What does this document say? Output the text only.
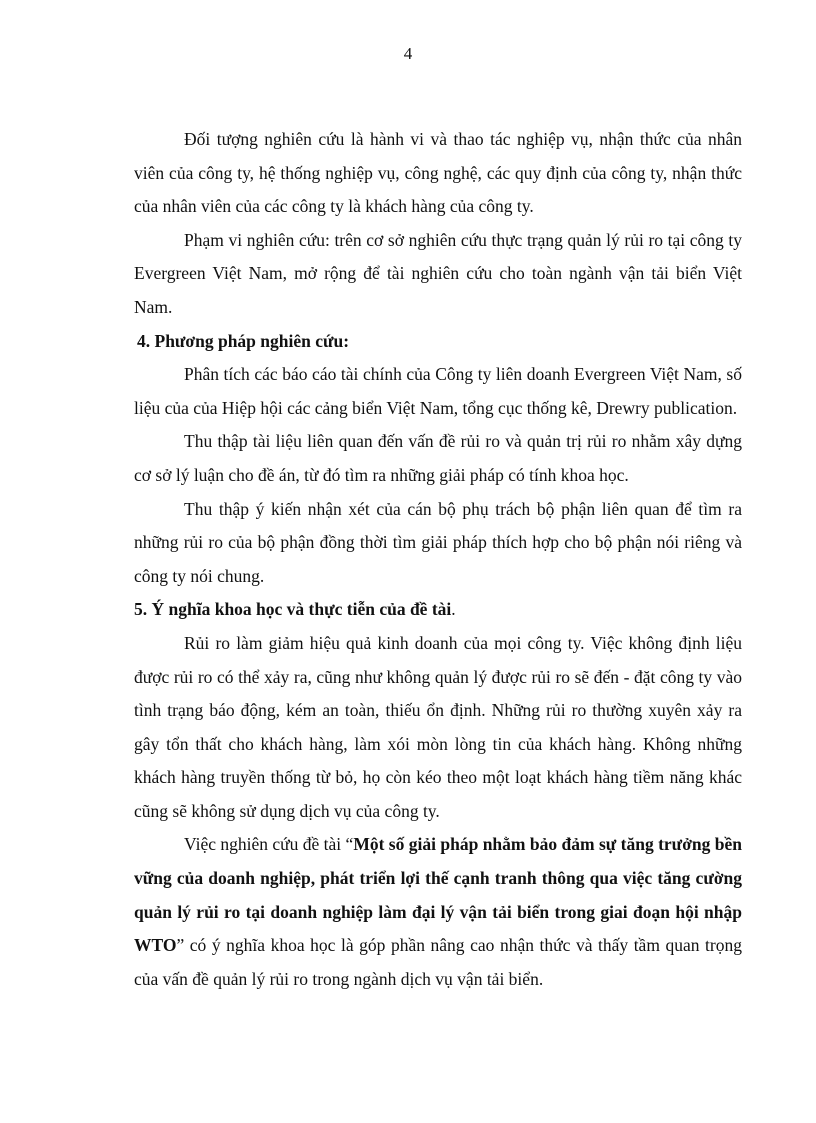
4

Đối tượng nghiên cứu là hành vi và thao tác nghiệp vụ, nhận thức của nhân viên của công ty, hệ thống nghiệp vụ, công nghệ, các quy định của công ty, nhận thức của nhân viên của các công ty là khách hàng của công ty.

Phạm vi nghiên cứu: trên cơ sở nghiên cứu thực trạng quản lý rủi ro tại công ty Evergreen Việt Nam, mở rộng để tài nghiên cứu cho toàn ngành vận tải biển Việt Nam.

4. Phương pháp nghiên cứu:

Phân tích các báo cáo tài chính của Công ty liên doanh Evergreen Việt Nam, số liệu của của Hiệp hội các cảng biển Việt Nam, tổng cục thống kê, Drewry publication.

Thu thập tài liệu liên quan đến vấn đề rủi ro và quản trị rủi ro nhằm xây dựng cơ sở lý luận cho đề án, từ đó tìm ra những giải pháp có tính khoa học.

Thu thập ý kiến nhận xét của cán bộ phụ trách bộ phận liên quan để tìm ra những rủi ro của bộ phận đồng thời tìm giải pháp thích hợp cho bộ phận nói riêng và công ty nói chung.

5. Ý nghĩa khoa học và thực tiễn của đề tài.

Rủi ro làm giảm hiệu quả kinh doanh của mọi công ty. Việc không định liệu được rủi ro có thể xảy ra, cũng như không quản lý được rủi ro sẽ đến - đặt công ty vào tình trạng báo động, kém an toàn, thiếu ổn định. Những rủi ro thường xuyên xảy ra gây tổn thất cho khách hàng, làm xói mòn lòng tin của khách hàng. Không những khách hàng truyền thống từ bỏ, họ còn kéo theo một loạt khách hàng tiềm năng khác cũng sẽ không sử dụng dịch vụ của công ty.

Việc nghiên cứu đề tài “Một số giải pháp nhằm bảo đảm sự tăng trưởng bền vững của doanh nghiệp, phát triển lợi thế cạnh tranh thông qua việc tăng cường quản lý rủi ro tại doanh nghiệp làm đại lý vận tải biển trong giai đoạn hội nhập WTO” có ý nghĩa khoa học là góp phần nâng cao nhận thức và thấy tầm quan trọng của vấn đề quản lý rủi ro trong ngành dịch vụ vận tải biển.
